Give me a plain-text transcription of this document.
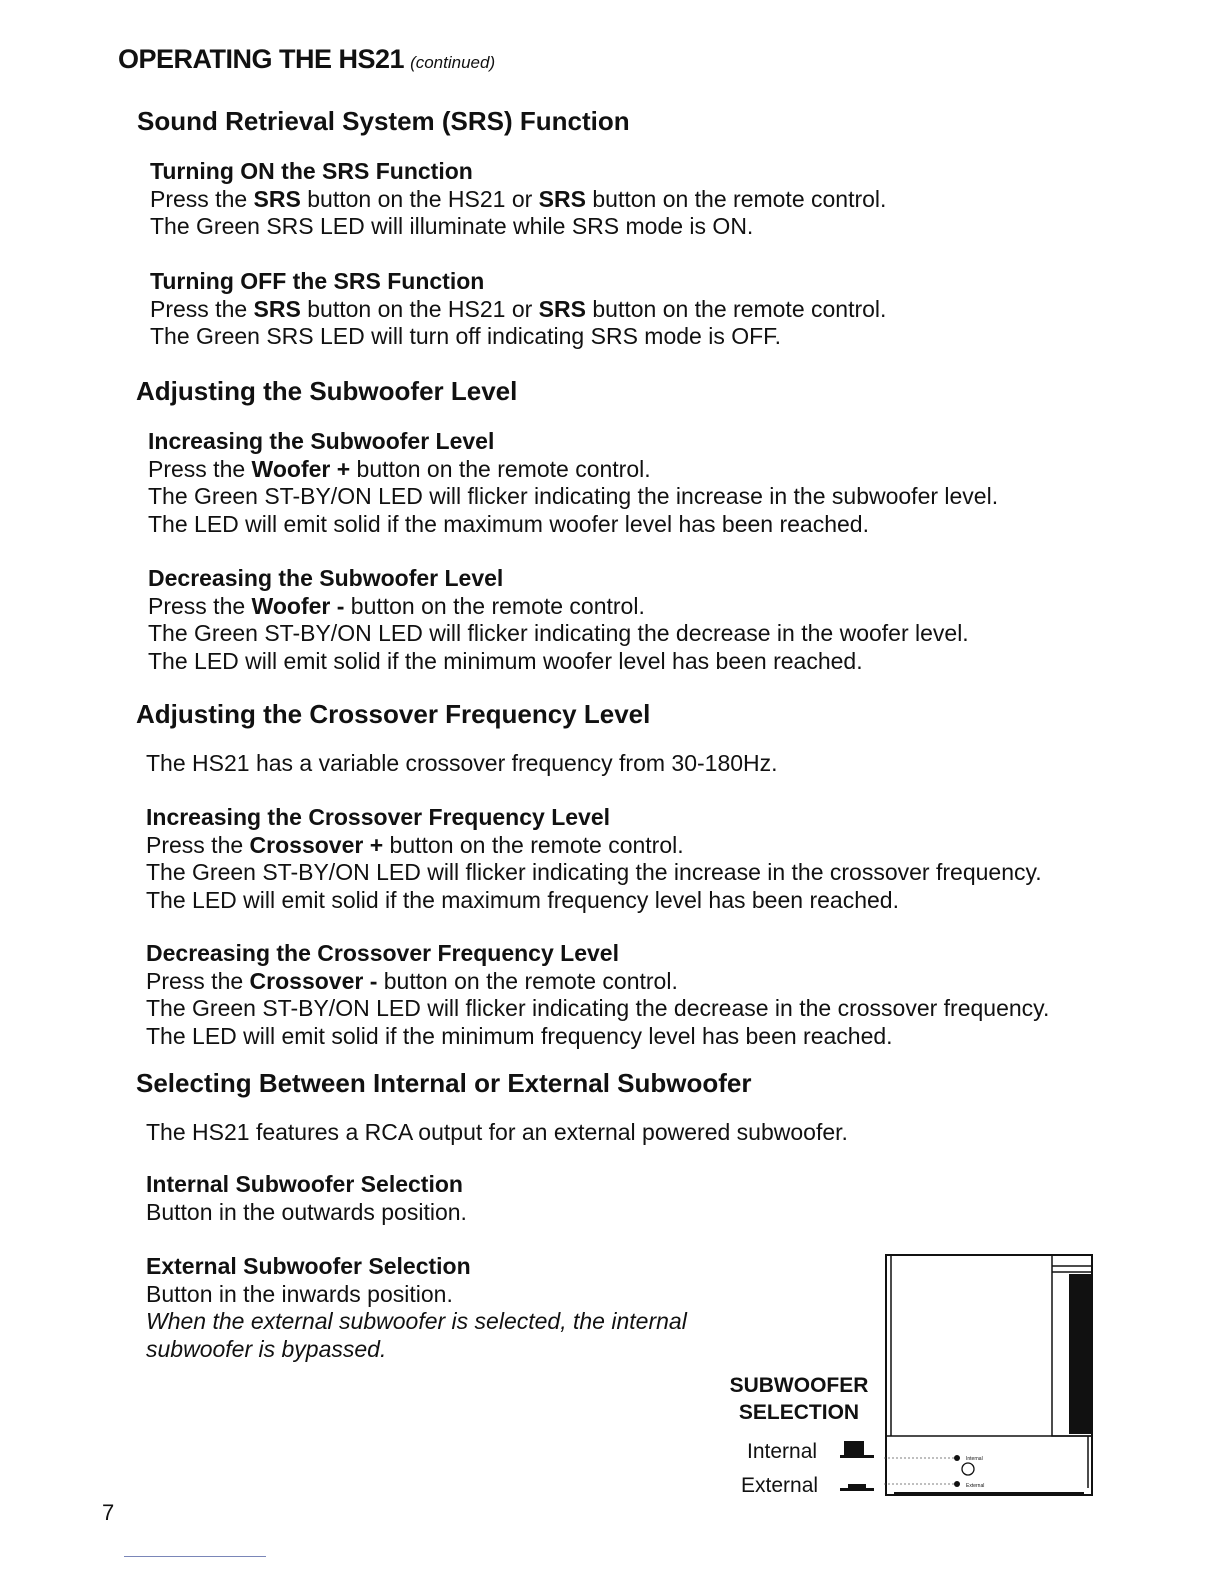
OPERATING THE HS21 (continued)
Sound Retrieval System (SRS) Function
Turning ON the SRS Function
Press the SRS button on the HS21 or SRS button on the remote control.
The Green SRS LED will illuminate while SRS mode is ON.
Turning OFF the SRS Function
Press the SRS button on the HS21 or SRS button on the remote control.
The Green SRS LED will turn off indicating SRS mode is OFF.
Adjusting the Subwoofer Level
Increasing the Subwoofer Level
Press the Woofer + button on the remote control.
The Green ST-BY/ON LED will flicker indicating the increase in the subwoofer level.
The LED will emit solid if the maximum woofer level has been reached.
Decreasing the Subwoofer Level
Press the Woofer - button on the remote control.
The Green ST-BY/ON LED will flicker indicating the decrease in the woofer level.
The LED will emit solid if the minimum woofer level has been reached.
Adjusting the Crossover Frequency Level
The HS21 has a variable crossover frequency from 30-180Hz.
Increasing the Crossover Frequency Level
Press the Crossover + button on the remote control.
The Green ST-BY/ON LED will flicker indicating the increase in the crossover frequency.
The LED will emit solid if the maximum frequency level has been reached.
Decreasing the Crossover Frequency Level
Press the Crossover - button on the remote control.
The Green ST-BY/ON LED will flicker indicating the decrease in the crossover frequency.
The LED will emit solid if the minimum frequency level has been reached.
Selecting Between Internal or External Subwoofer
The HS21 features a RCA output for an external powered subwoofer.
Internal Subwoofer Selection
Button in the outwards position.
External Subwoofer Selection
Button in the inwards position.
When the external subwoofer is selected, the internal
subwoofer is bypassed.
SUBWOOFER
SELECTION
Internal
External
Internal
External
7
